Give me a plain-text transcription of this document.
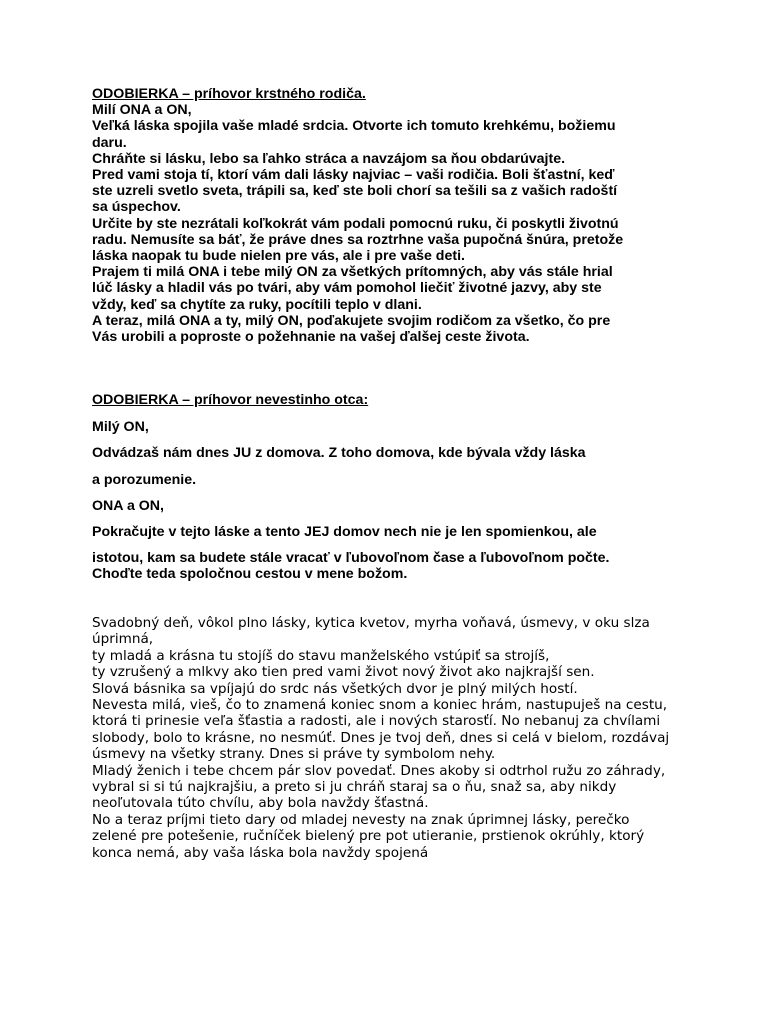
ODOBIERKA – príhovor krstného rodiča.
Milí ONA a ON,
Veľká láska spojila vaše mladé srdcia. Otvorte ich tomuto krehkému, božiemu
daru.
Chráňte si lásku, lebo sa ľahko stráca a navzájom sa ňou obdarúvajte.
Pred vami stoja tí, ktorí vám dali lásky najviac – vaši rodičia. Boli šťastní, keď
ste uzreli svetlo sveta, trápili sa, keď ste boli chorí sa tešili sa z vašich radoští
sa úspechov.
Určite by ste nezrátali koľkokrát vám podali pomocnú ruku, či poskytli životnú
radu. Nemusíte sa báť, že práve dnes sa roztrhne vaša pupočná šnúra, pretože
láska naopak tu bude nielen pre vás, ale i pre vaše deti.
Prajem ti milá ONA i tebe milý ON za všetkých prítomných, aby vás stále hrial
lúč lásky a hladil vás po tvári, aby vám pomohol liečiť životné jazvy, aby ste
vždy, keď sa chytíte za ruky, pocítili teplo v dlani.
A teraz, milá ONA a ty, milý ON, poďakujete svojim rodičom za všetko, čo pre
Vás urobili a poproste o požehnanie na vašej ďalšej ceste života.
ODOBIERKA – príhovor nevestinho otca:
Milý ON,
Odvádzaš nám dnes JU z domova. Z toho domova, kde bývala vždy láska
a porozumenie.
ONA a ON,
Pokračujte v tejto láske a tento JEJ domov nech nie je len spomienkou, ale
istotou, kam sa budete stále vracať v ľubovoľnom čase a ľubovoľnom počte.
Choďte teda spoločnou cestou v mene božom.
Svadobný deň, vôkol plno lásky, kytica kvetov, myrha voňavá, úsmevy, v oku slza
úprimná,
ty mladá a krásna tu stojíš do stavu manželského vstúpiť sa strojíš,
ty vzrušený a mlkvy ako tien pred vami život nový život ako najkrajší sen.
Slová básnika sa vpíjajú do srdc nás všetkých dvor je plný milých hostí.
Nevesta milá, vieš, čo to znamená koniec snom a koniec hrám, nastupuješ na cestu,
ktorá ti prinesie veľa šťastia a radosti, ale i nových starosťí. No nebanuj za chvílami
slobody, bolo to krásne, no nesmúť. Dnes je tvoj deň, dnes si celá v bielom, rozdávaj
úsmevy na všetky strany. Dnes si práve ty symbolom nehy.
Mladý ženich i tebe chcem pár slov povedať. Dnes akoby si odtrhol ružu zo záhrady,
vybral si si tú najkrajšiu, a preto si ju chráň staraj sa o ňu, snaž sa, aby nikdy
neoľutovala túto chvílu, aby bola navždy šťastná.
No a teraz príjmi tieto dary od mladej nevesty na znak úprimnej lásky, perečko
zelené pre potešenie, ručníček bielený pre pot utieranie, prstienok okrúhly, ktorý
konca nemá, aby vaša láska bola navždy spojená
